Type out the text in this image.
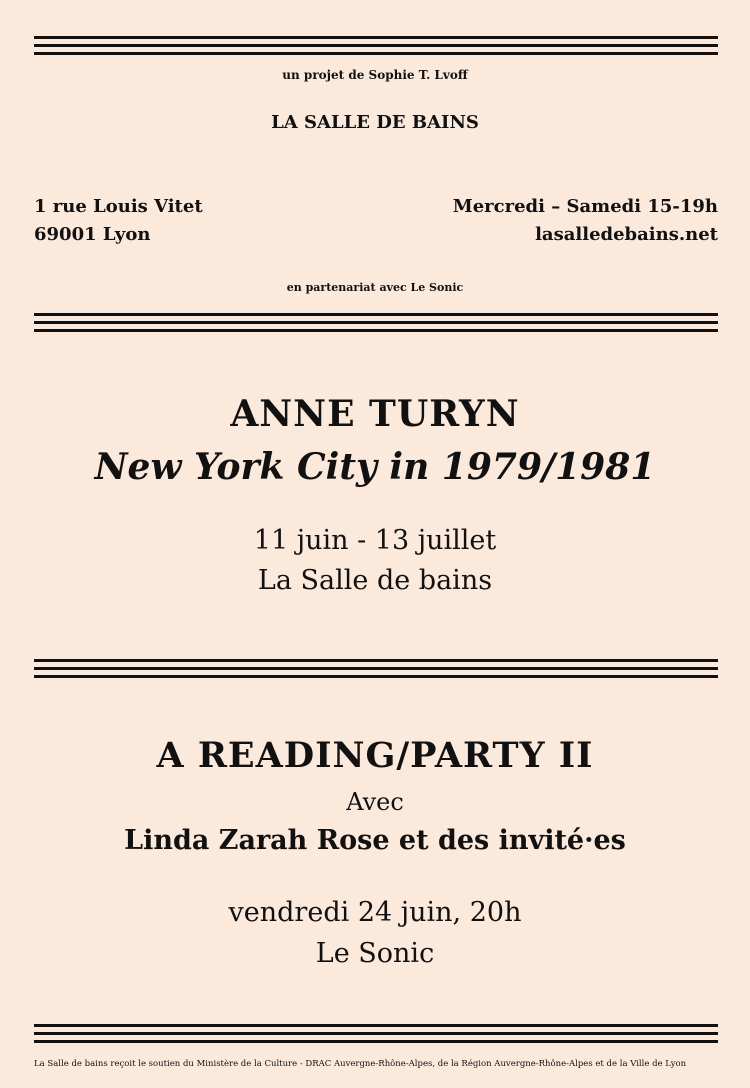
un projet de Sophie T. Lvoff
LA SALLE DE BAINS
1 rue Louis Vitet
69001 Lyon
Mercredi – Samedi 15-19h
lasalledebains.net
en partenariat avec Le Sonic
ANNE TURYN
New York City in 1979/1981
11 juin - 13 juillet
La Salle de bains
A READING/PARTY II
Avec
Linda Zarah Rose et des invité·es
vendredi 24 juin, 20h
Le Sonic
La Salle de bains reçoit le soutien du Ministère de la Culture - DRAC Auvergne-Rhône-Alpes, de la Région Auvergne-Rhône-Alpes et de la Ville de Lyon
